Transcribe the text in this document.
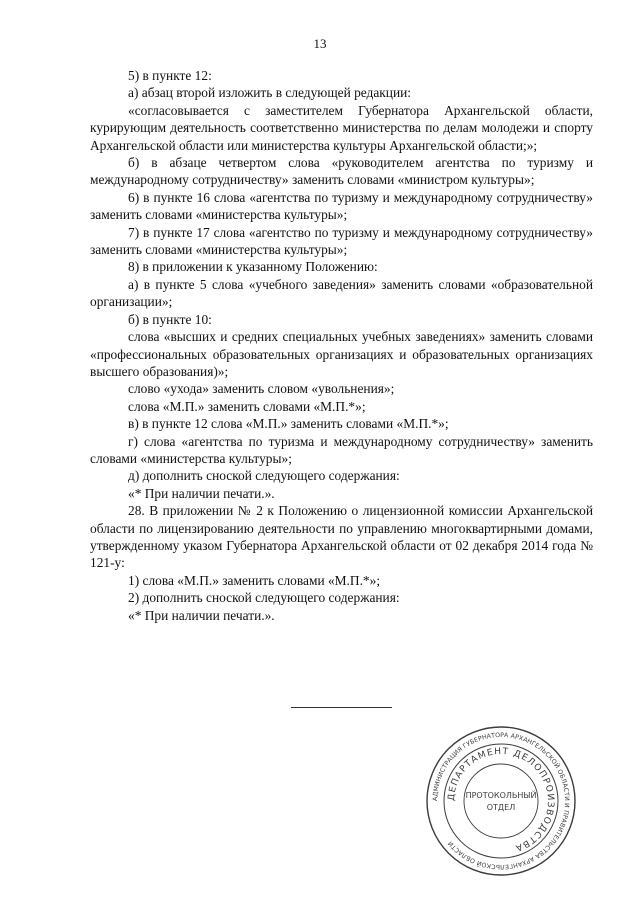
13

5) в пункте 12:

а) абзац второй изложить в следующей редакции:

«согласовывается с заместителем Губернатора Архангельской области, курирующим деятельность соответственно министерства по делам молодежи и спорту Архангельской области или министерства культуры Архангельской области;»;

б) в абзаце четвертом слова «руководителем агентства по туризму и международному сотрудничеству» заменить словами «министром культуры»;

6) в пункте 16 слова «агентства по туризму и международному сотрудничеству» заменить словами «министерства культуры»;

7) в пункте 17 слова «агентство по туризму и международному сотрудничеству» заменить словами «министерства культуры»;

8) в приложении к указанному Положению:

а) в пункте 5 слова «учебного заведения» заменить словами «образовательной организации»;

б) в пункте 10:

слова «высших и средних специальных учебных заведениях» заменить словами «профессиональных образовательных организациях и образовательных организациях высшего образования)»;

слово «ухода» заменить словом «увольнения»;

слова «М.П.» заменить словами «М.П.*»;

в) в пункте 12 слова «М.П.» заменить словами «М.П.*»;

г) слова «агентства по туризма и международному сотрудничеству» заменить словами «министерства культуры»;

д) дополнить сноской следующего содержания:

«* При наличии печати.».

28. В приложении № 2 к Положению о лицензионной комиссии Архангельской области по лицензированию деятельности по управлению многоквартирными домами, утвержденному указом Губернатора Архангельской области от 02 декабря 2014 года № 121-у:

1) слова «М.П.» заменить словами «М.П.*»;

2) дополнить сноской следующего содержания:

«* При наличии печати.».

АДМИНИСТРАЦИЯ ГУБЕРНАТОРА АРХАНГЕЛЬСКОЙ ОБЛАСТИ И ПРАВИТЕЛЬСТВА АРХАНГЕЛЬСКОЙ ОБЛАСТИ
ДЕПАРТАМЕНТ ДЕЛОПРОИЗВОДСТВА
ПРОТОКОЛЬНЫЙ
ОТДЕЛ
